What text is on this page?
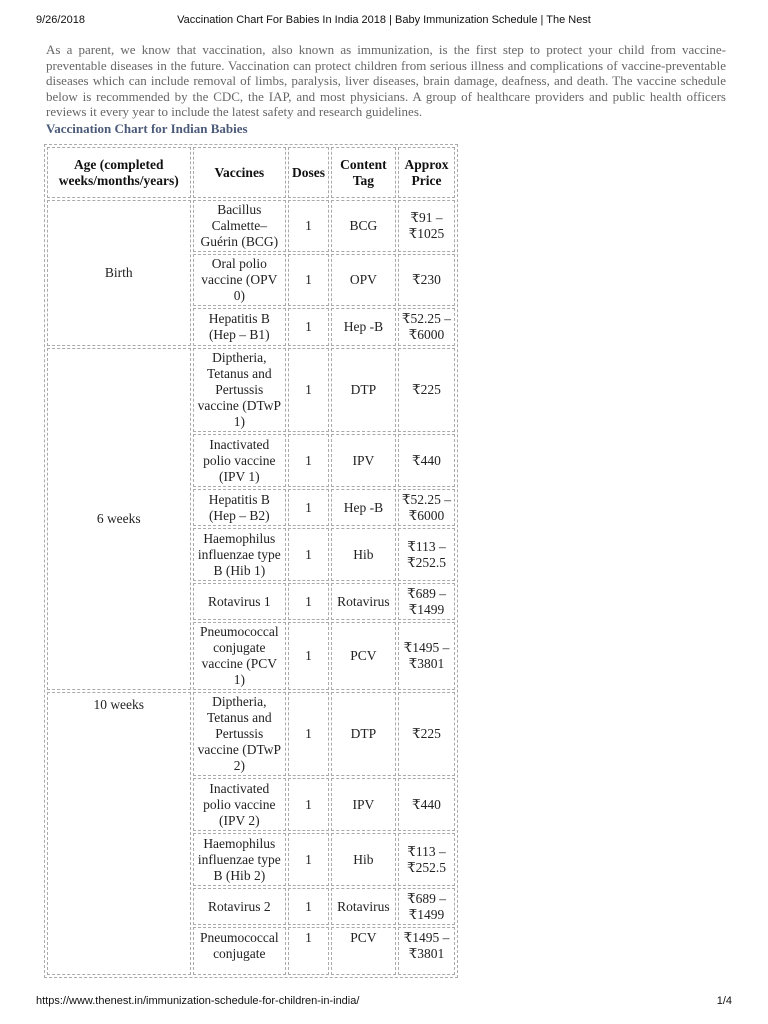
9/26/2018	Vaccination Chart For Babies In India 2018 | Baby Immunization Schedule | The Nest

As a parent, we know that vaccination, also known as immunization, is the first step to protect your child from vaccine-preventable diseases in the future. Vaccination can protect children from serious illness and complications of vaccine-preventable diseases which can include removal of limbs, paralysis, liver diseases, brain damage, deafness, and death. The vaccine schedule below is recommended by the CDC, the IAP, and most physicians. A group of healthcare providers and public health officers reviews it every year to include the latest safety and research guidelines.

Vaccination Chart for Indian Babies

Age (completed weeks/months/years)	Vaccines	Doses	Content Tag	Approx Price
Birth	Bacillus Calmette–Guérin (BCG)	1	BCG	₹91 – ₹1025
	Oral polio vaccine (OPV 0)	1	OPV	₹230
	Hepatitis B (Hep – B1)	1	Hep -B	₹52.25 – ₹6000
6 weeks	Diptheria, Tetanus and Pertussis vaccine (DTwP 1)	1	DTP	₹225
	Inactivated polio vaccine (IPV 1)	1	IPV	₹440
	Hepatitis B (Hep – B2)	1	Hep -B	₹52.25 – ₹6000
	Haemophilus influenzae type B (Hib 1)	1	Hib	₹113 – ₹252.5
	Rotavirus 1	1	Rotavirus	₹689 – ₹1499
	Pneumococcal conjugate vaccine (PCV 1)	1	PCV	₹1495 – ₹3801
10 weeks	Diptheria, Tetanus and Pertussis vaccine (DTwP 2)	1	DTP	₹225
	Inactivated polio vaccine (IPV 2)	1	IPV	₹440
	Haemophilus influenzae type B (Hib 2)	1	Hib	₹113 – ₹252.5
	Rotavirus 2	1	Rotavirus	₹689 – ₹1499
	Pneumococcal conjugate	1	PCV	₹1495 – ₹3801
https://www.thenest.in/immunization-schedule-for-children-in-india/	1/4
